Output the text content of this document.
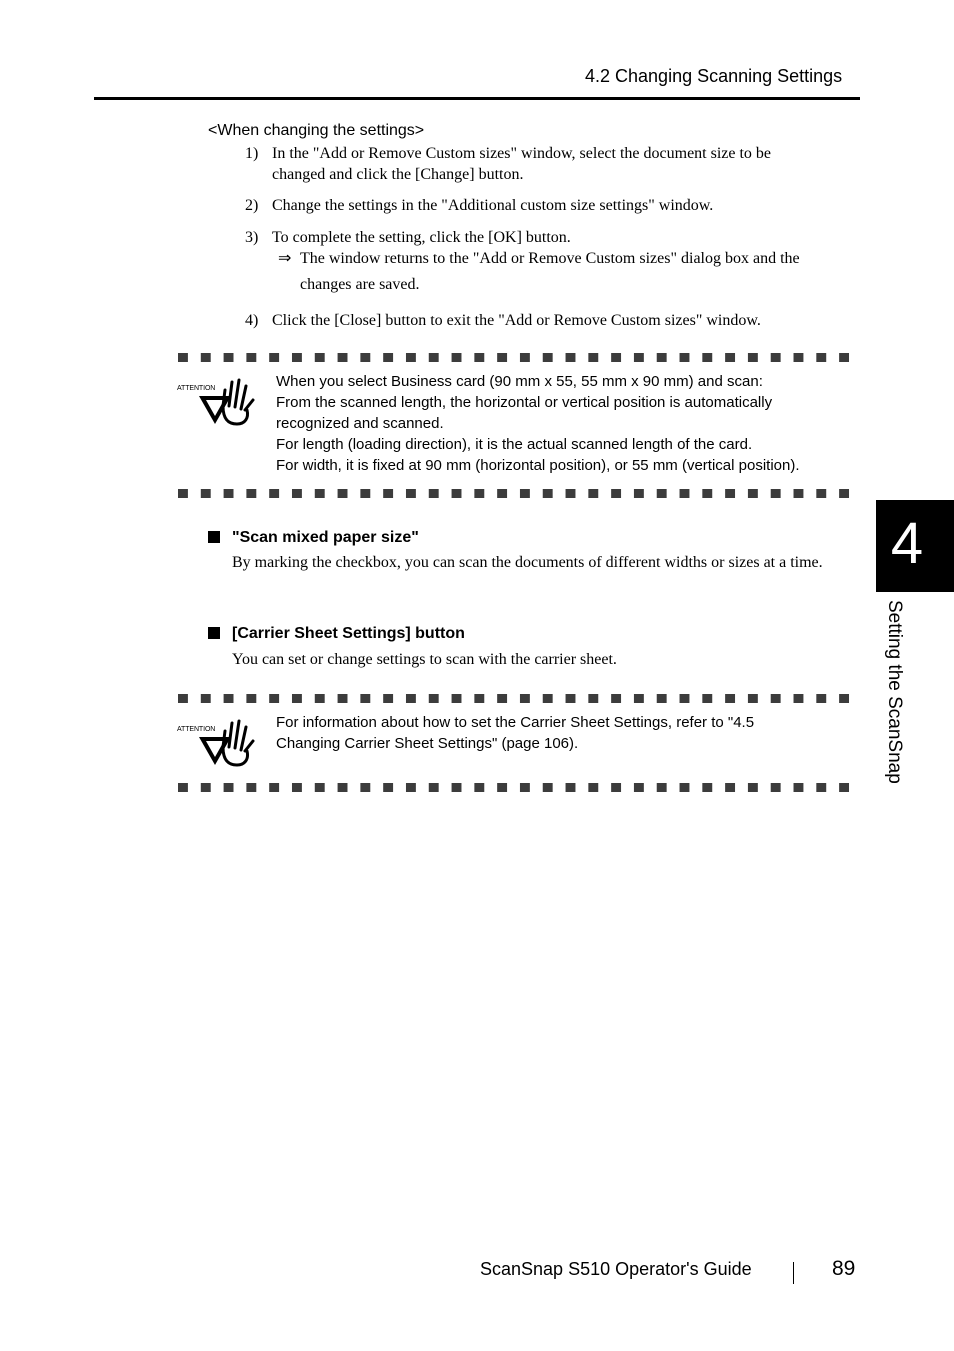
4.2 Changing Scanning Settings
<When changing the settings>
1) In the "Add or Remove Custom sizes" window, select the document size to be
changed and click the [Change] button.
2) Change the settings in the "Additional custom size settings" window.
3) To complete the setting, click the [OK] button.
⇒ The window returns to the "Add or Remove Custom sizes" dialog box and the
changes are saved.
4) Click the [Close] button to exit the "Add or Remove Custom sizes" window.
ATTENTION	When you select Business card (90 mm x 55, 55 mm x 90 mm) and scan:
From the scanned length, the horizontal or vertical position is automatically
recognized and scanned.
For length (loading direction), it is the actual scanned length of the card.
For width, it is fixed at 90 mm (horizontal position), or 55 mm (vertical position).
"Scan mixed paper size"
By marking the checkbox, you can scan the documents of different widths or sizes at a time.
[Carrier Sheet Settings] button
You can set or change settings to scan with the carrier sheet.
ATTENTION	For information about how to set the Carrier Sheet Settings, refer to "4.5
Changing Carrier Sheet Settings" (page 106).
4
Setting the ScanSnap
ScanSnap S510 Operator's Guide	89
